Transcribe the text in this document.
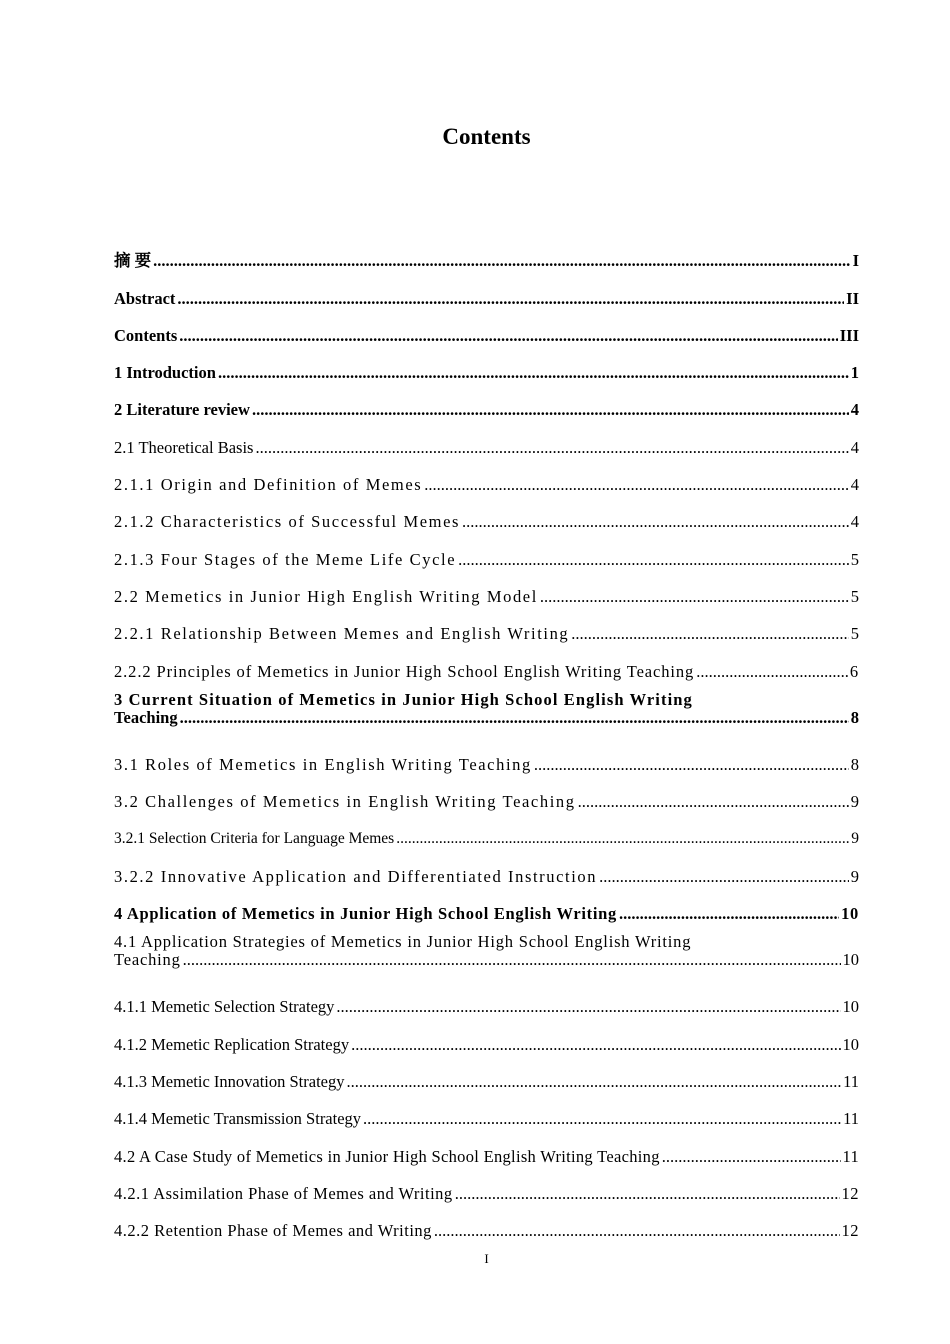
Contents
摘 要 .....	I
Abstract .....	II
Contents .....	III
1 Introduction .....	1
2 Literature review .....	4
2.1 Theoretical Basis .....	4
2.1.1 Origin and Definition of Memes .....	4
2.1.2 Characteristics of Successful Memes .....	4
2.1.3 Four Stages of the Meme Life Cycle .....	5
2.2 Memetics in Junior High English Writing Model .....	5
2.2.1 Relationship Between Memes and English Writing .....	5
2.2.2 Principles of Memetics in Junior High School English Writing Teaching .....	6
3 Current Situation of Memetics in Junior High School English Writing
Teaching .....	8
3.1 Roles of Memetics in English Writing Teaching .....	8
3.2 Challenges of Memetics in English Writing Teaching .....	9
3.2.1 Selection Criteria for Language Memes .....	9
3.2.2 Innovative Application and Differentiated Instruction .....	9
4 Application of Memetics in Junior High School English Writing .....	10
4.1 Application Strategies of Memetics in Junior High School English Writing
Teaching .....	10
4.1.1 Memetic Selection Strategy .....	10
4.1.2 Memetic Replication Strategy .....	10
4.1.3 Memetic Innovation Strategy .....	11
4.1.4 Memetic Transmission Strategy .....	11
4.2 A Case Study of Memetics in Junior High School English Writing Teaching .....	11
4.2.1 Assimilation Phase of Memes and Writing .....	12
4.2.2 Retention Phase of Memes and Writing .....	12
I
